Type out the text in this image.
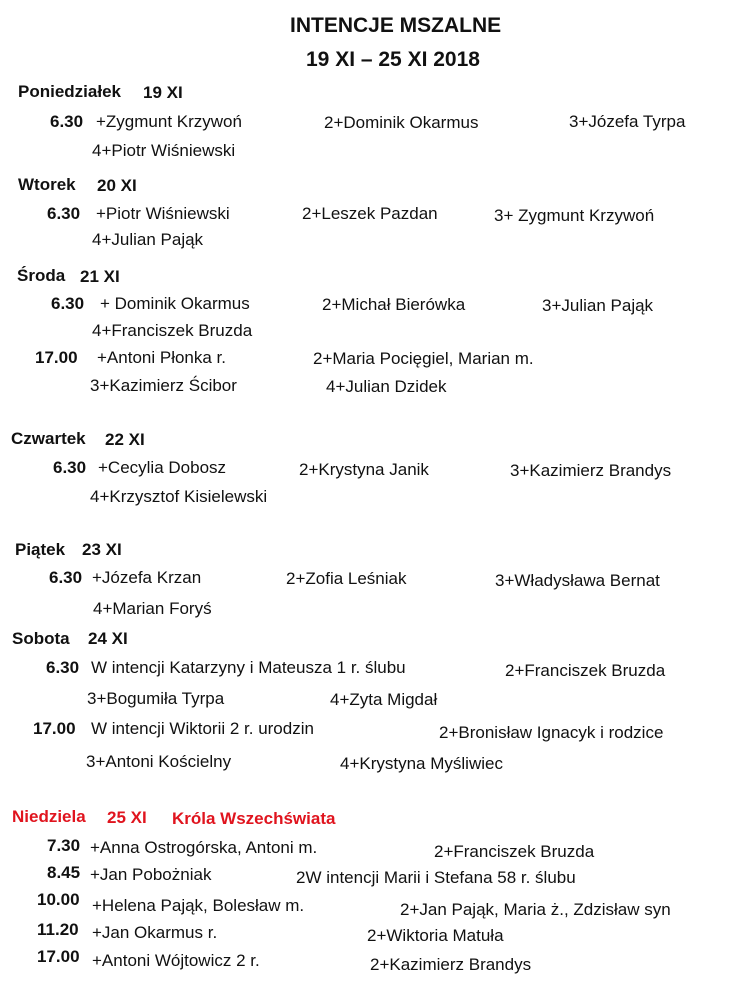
INTENCJE MSZALNE
19 XI – 25 XI 2018
Poniedziałek 19 XI
6.30 +Zygmunt Krzywoń	2+Dominik Okarmus	3+Józefa Tyrpa
4+Piotr Wiśniewski
Wtorek 20 XI
6.30 +Piotr Wiśniewski	2+Leszek Pazdan	3+ Zygmunt Krzywoń
4+Julian Pająk
Środa 21 XI
6.30 + Dominik Okarmus	2+Michał Bierówka	3+Julian Pająk
4+Franciszek Bruzda
17.00 +Antoni Płonka r.	2+Maria Pocięgiel, Marian m.
3+Kazimierz Ścibor	4+Julian Dzidek
Czwartek 22 XI
6.30 +Cecylia Dobosz	2+Krystyna Janik	3+Kazimierz Brandys
4+Krzysztof Kisielewski
Piątek 23 XI
6.30 +Józefa Krzan	2+Zofia Leśniak	3+Władysława Bernat
4+Marian Foryś
Sobota 24 XI
6.30 W intencji Katarzyny i Mateusza 1 r. ślubu	2+Franciszek Bruzda
3+Bogumiła Tyrpa	4+Zyta Migdał
17.00 W intencji Wiktorii 2 r. urodzin	2+Bronisław Ignacyk i rodzice
3+Antoni Kościelny	4+Krystyna Myśliwiec
Niedziela 25 XI Króla Wszechświata
7.30 +Anna Ostrogórska, Antoni m.	2+Franciszek Bruzda
8.45 +Jan Pobożniak	2W intencji Marii i Stefana 58 r. ślubu
10.00 +Helena Pająk, Bolesław m.	2+Jan Pająk, Maria ż., Zdzisław syn
11.20 +Jan Okarmus r.	2+Wiktoria Matuła
17.00 +Antoni Wójtowicz 2 r.	2+Kazimierz Brandys
